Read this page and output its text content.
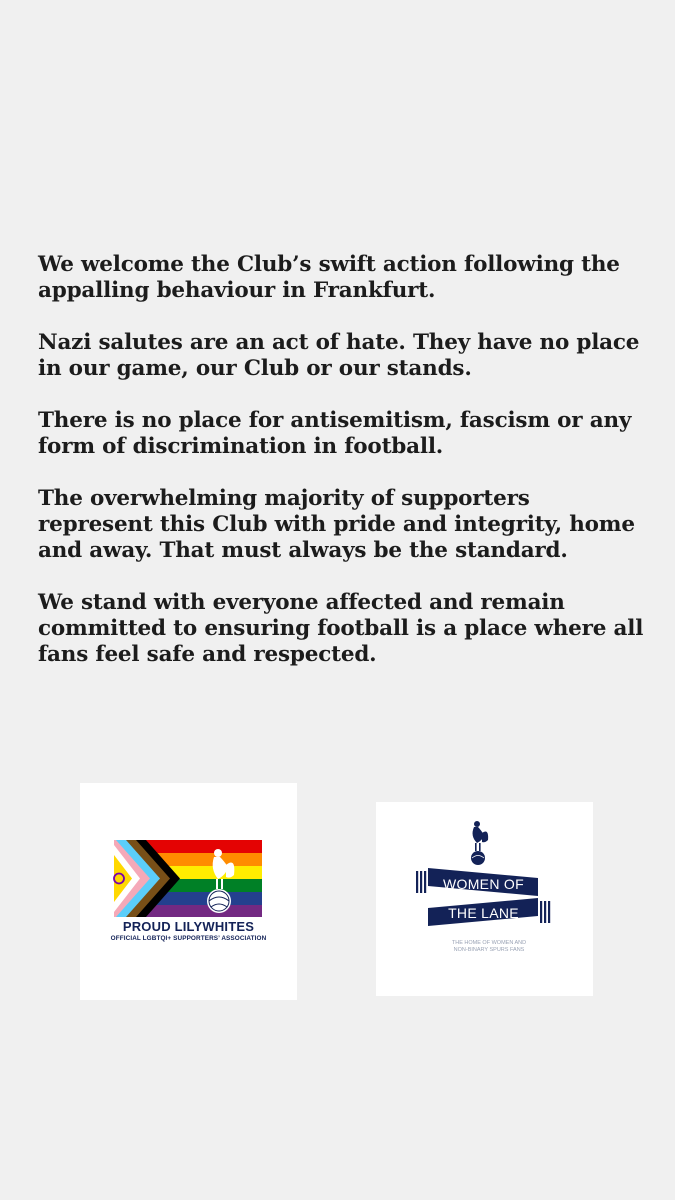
We welcome the Club’s swift action following the appalling behaviour in Frankfurt.

Nazi salutes are an act of hate. They have no place in our game, our Club or our stands.

There is no place for antisemitism, fascism or any form of discrimination in football.

The overwhelming majority of supporters represent this Club with pride and integrity, home and away. That must always be the standard.

We stand with everyone affected and remain committed to ensuring football is a place where all fans feel safe and respected.

PROUD LILYWHITES
OFFICIAL LGBTQI+ SUPPORTERS’ ASSOCIATION
WOMEN OF
THE LANE
THE HOME OF WOMEN AND
NON-BINARY SPURS FANS
